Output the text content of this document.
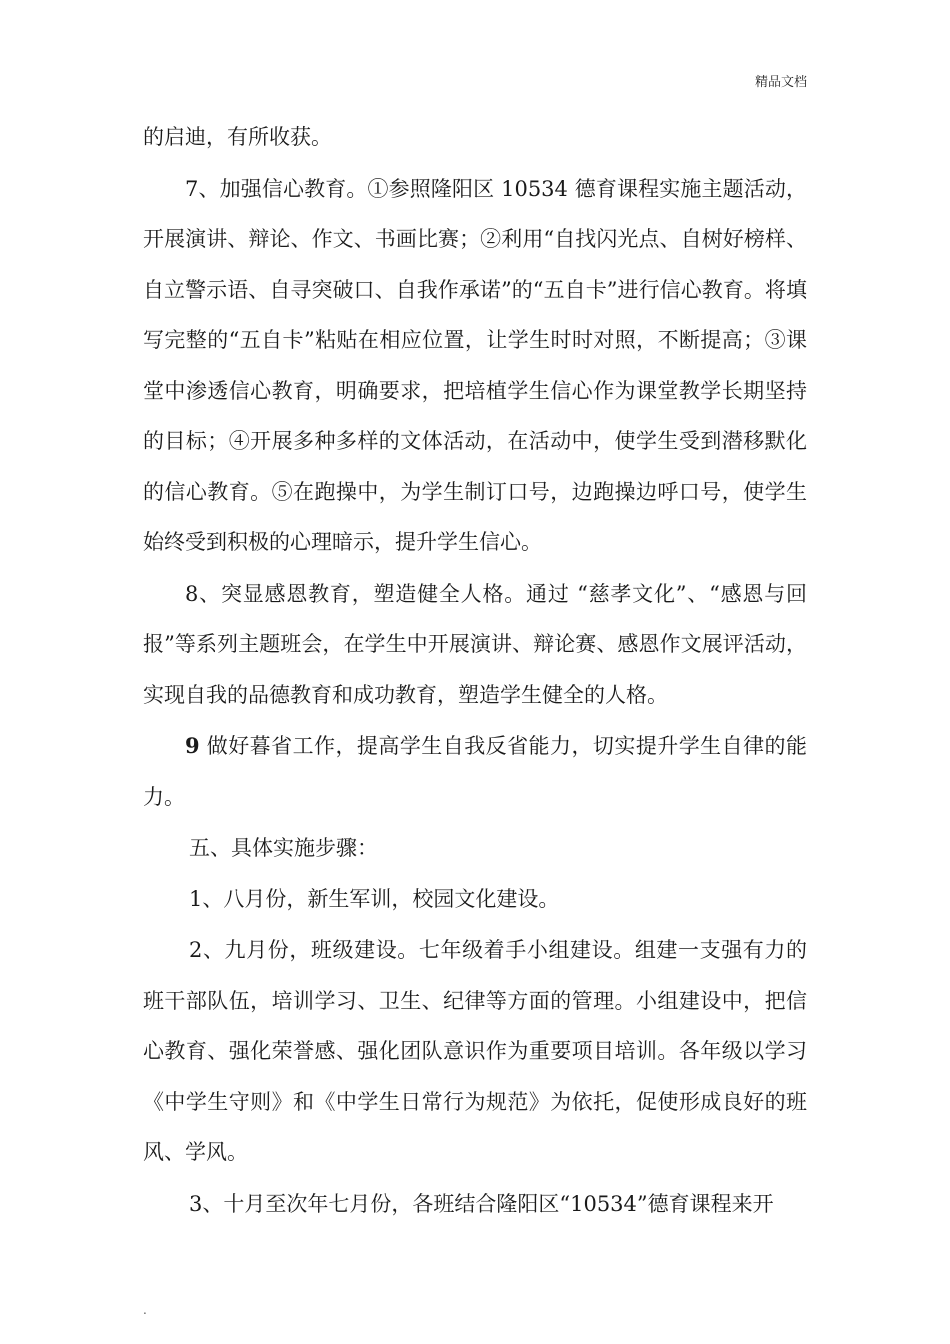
精品文档

的启迪，有所收获。

7、加强信心教育。①参照隆阳区 10534 德育课程实施主题活动，开展演讲、辩论、作文、书画比赛；②利用“自找闪光点、自树好榜样、自立警示语、自寻突破口、自我作承诺”的“五自卡”进行信心教育。将填写完整的“五自卡”粘贴在相应位置，让学生时时对照，不断提高；③课堂中渗透信心教育，明确要求，把培植学生信心作为课堂教学长期坚持的目标；④开展多种多样的文体活动，在活动中，使学生受到潜移默化的信心教育。⑤在跑操中，为学生制订口号，边跑操边呼口号，使学生始终受到积极的心理暗示，提升学生信心。

8、突显感恩教育，塑造健全人格。通过 “慈孝文化”、“感恩与回报”等系列主题班会，在学生中开展演讲、辩论赛、感恩作文展评活动，实现自我的品德教育和成功教育，塑造学生健全的人格。

9 做好暮省工作，提高学生自我反省能力，切实提升学生自律的能力。

五、具体实施步骤：

1、八月份，新生军训，校园文化建设。

2、九月份，班级建设。七年级着手小组建设。组建一支强有力的班干部队伍，培训学习、卫生、纪律等方面的管理。小组建设中，把信心教育、强化荣誉感、强化团队意识作为重要项目培训。各年级以学习《中学生守则》和《中学生日常行为规范》为依托，促使形成良好的班风、学风。

3、十月至次年七月份，各班结合隆阳区“10534”德育课程来开

.
